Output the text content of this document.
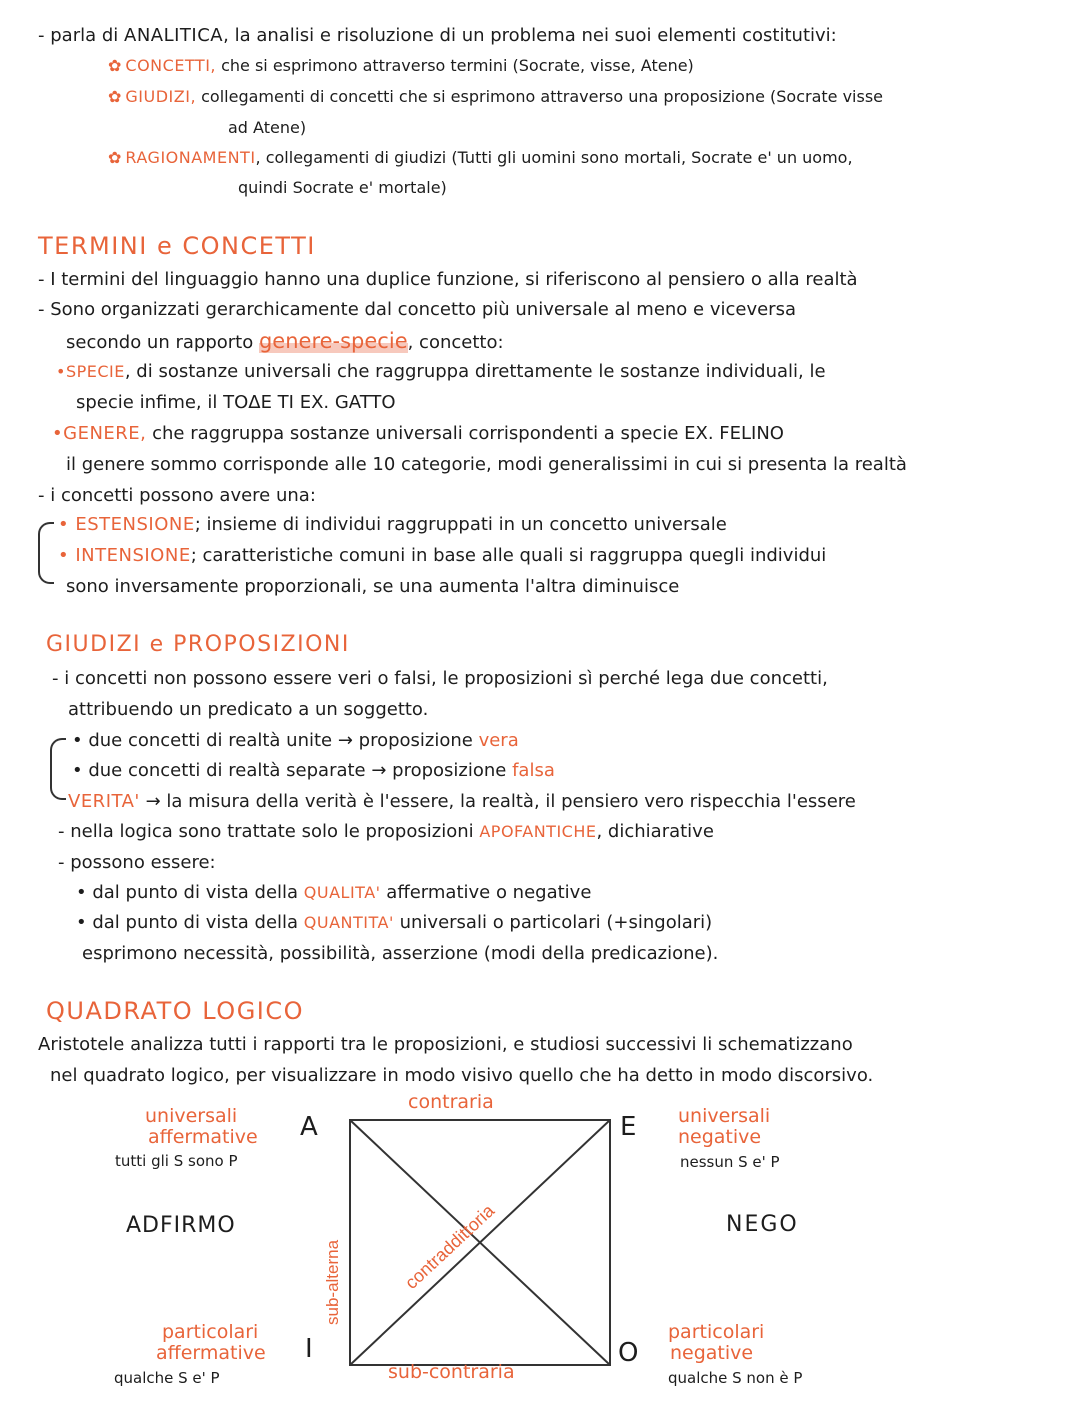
- parla di ANALITICA, la analisi e risoluzione di un problema nei suoi elementi costitutivi:
✿ CONCETTI, che si esprimono attraverso termini (Socrate, visse, Atene)
✿ GIUDIZI, collegamenti di concetti che si esprimono attraverso una proposizione (Socrate visse
ad Atene)
✿ RAGIONAMENTI, collegamenti di giudizi (Tutti gli uomini sono mortali, Socrate e' un uomo,
quindi Socrate e' mortale)
TERMINI e CONCETTI
- I termini del linguaggio hanno una duplice funzione, si riferiscono al pensiero o alla realtà
- Sono organizzati gerarchicamente dal concetto più universale al meno e viceversa
secondo un rapporto genere-specie, concetto:
•SPECIE, di sostanze universali che raggruppa direttamente le sostanze individuali, le
specie infime, il TOΔΕ ΤΙ EX. GATTO
•GENERE, che raggruppa sostanze universali corrispondenti a specie EX. FELINO
il genere sommo corrisponde alle 10 categorie, modi generalissimi in cui si presenta la realtà
- i concetti possono avere una:
• ESTENSIONE; insieme di individui raggruppati in un concetto universale
• INTENSIONE; caratteristiche comuni in base alle quali si raggruppa quegli individui
sono inversamente proporzionali, se una aumenta l'altra diminuisce
GIUDIZI e PROPOSIZIONI
- i concetti non possono essere veri o falsi, le proposizioni sì perché lega due concetti,
attribuendo un predicato a un soggetto.
• due concetti di realtà unite → proposizione vera
• due concetti di realtà separate → proposizione falsa
VERITA' → la misura della verità è l'essere, la realtà, il pensiero vero rispecchia l'essere
- nella logica sono trattate solo le proposizioni APOFANTICHE, dichiarative
- possono essere:
• dal punto di vista della QUALITA' affermative o negative
• dal punto di vista della QUANTITA' universali o particolari (+singolari)
esprimono necessità, possibilità, asserzione (modi della predicazione).
QUADRATO LOGICO
Aristotele analizza tutti i rapporti tra le proposizioni, e studiosi successivi li schematizzano
nel quadrato logico, per visualizzare in modo visivo quello che ha detto in modo discorsivo.
sub-alterna	contraddittoria
contraria
sub-contraria
A	E
I	O
universali
affermative
tutti gli S sono P
universali
negative
nessun S e' P
ADFIRMO	NEGO
particolari
affermative
qualche S e' P
particolari
negative
qualche S non è P
